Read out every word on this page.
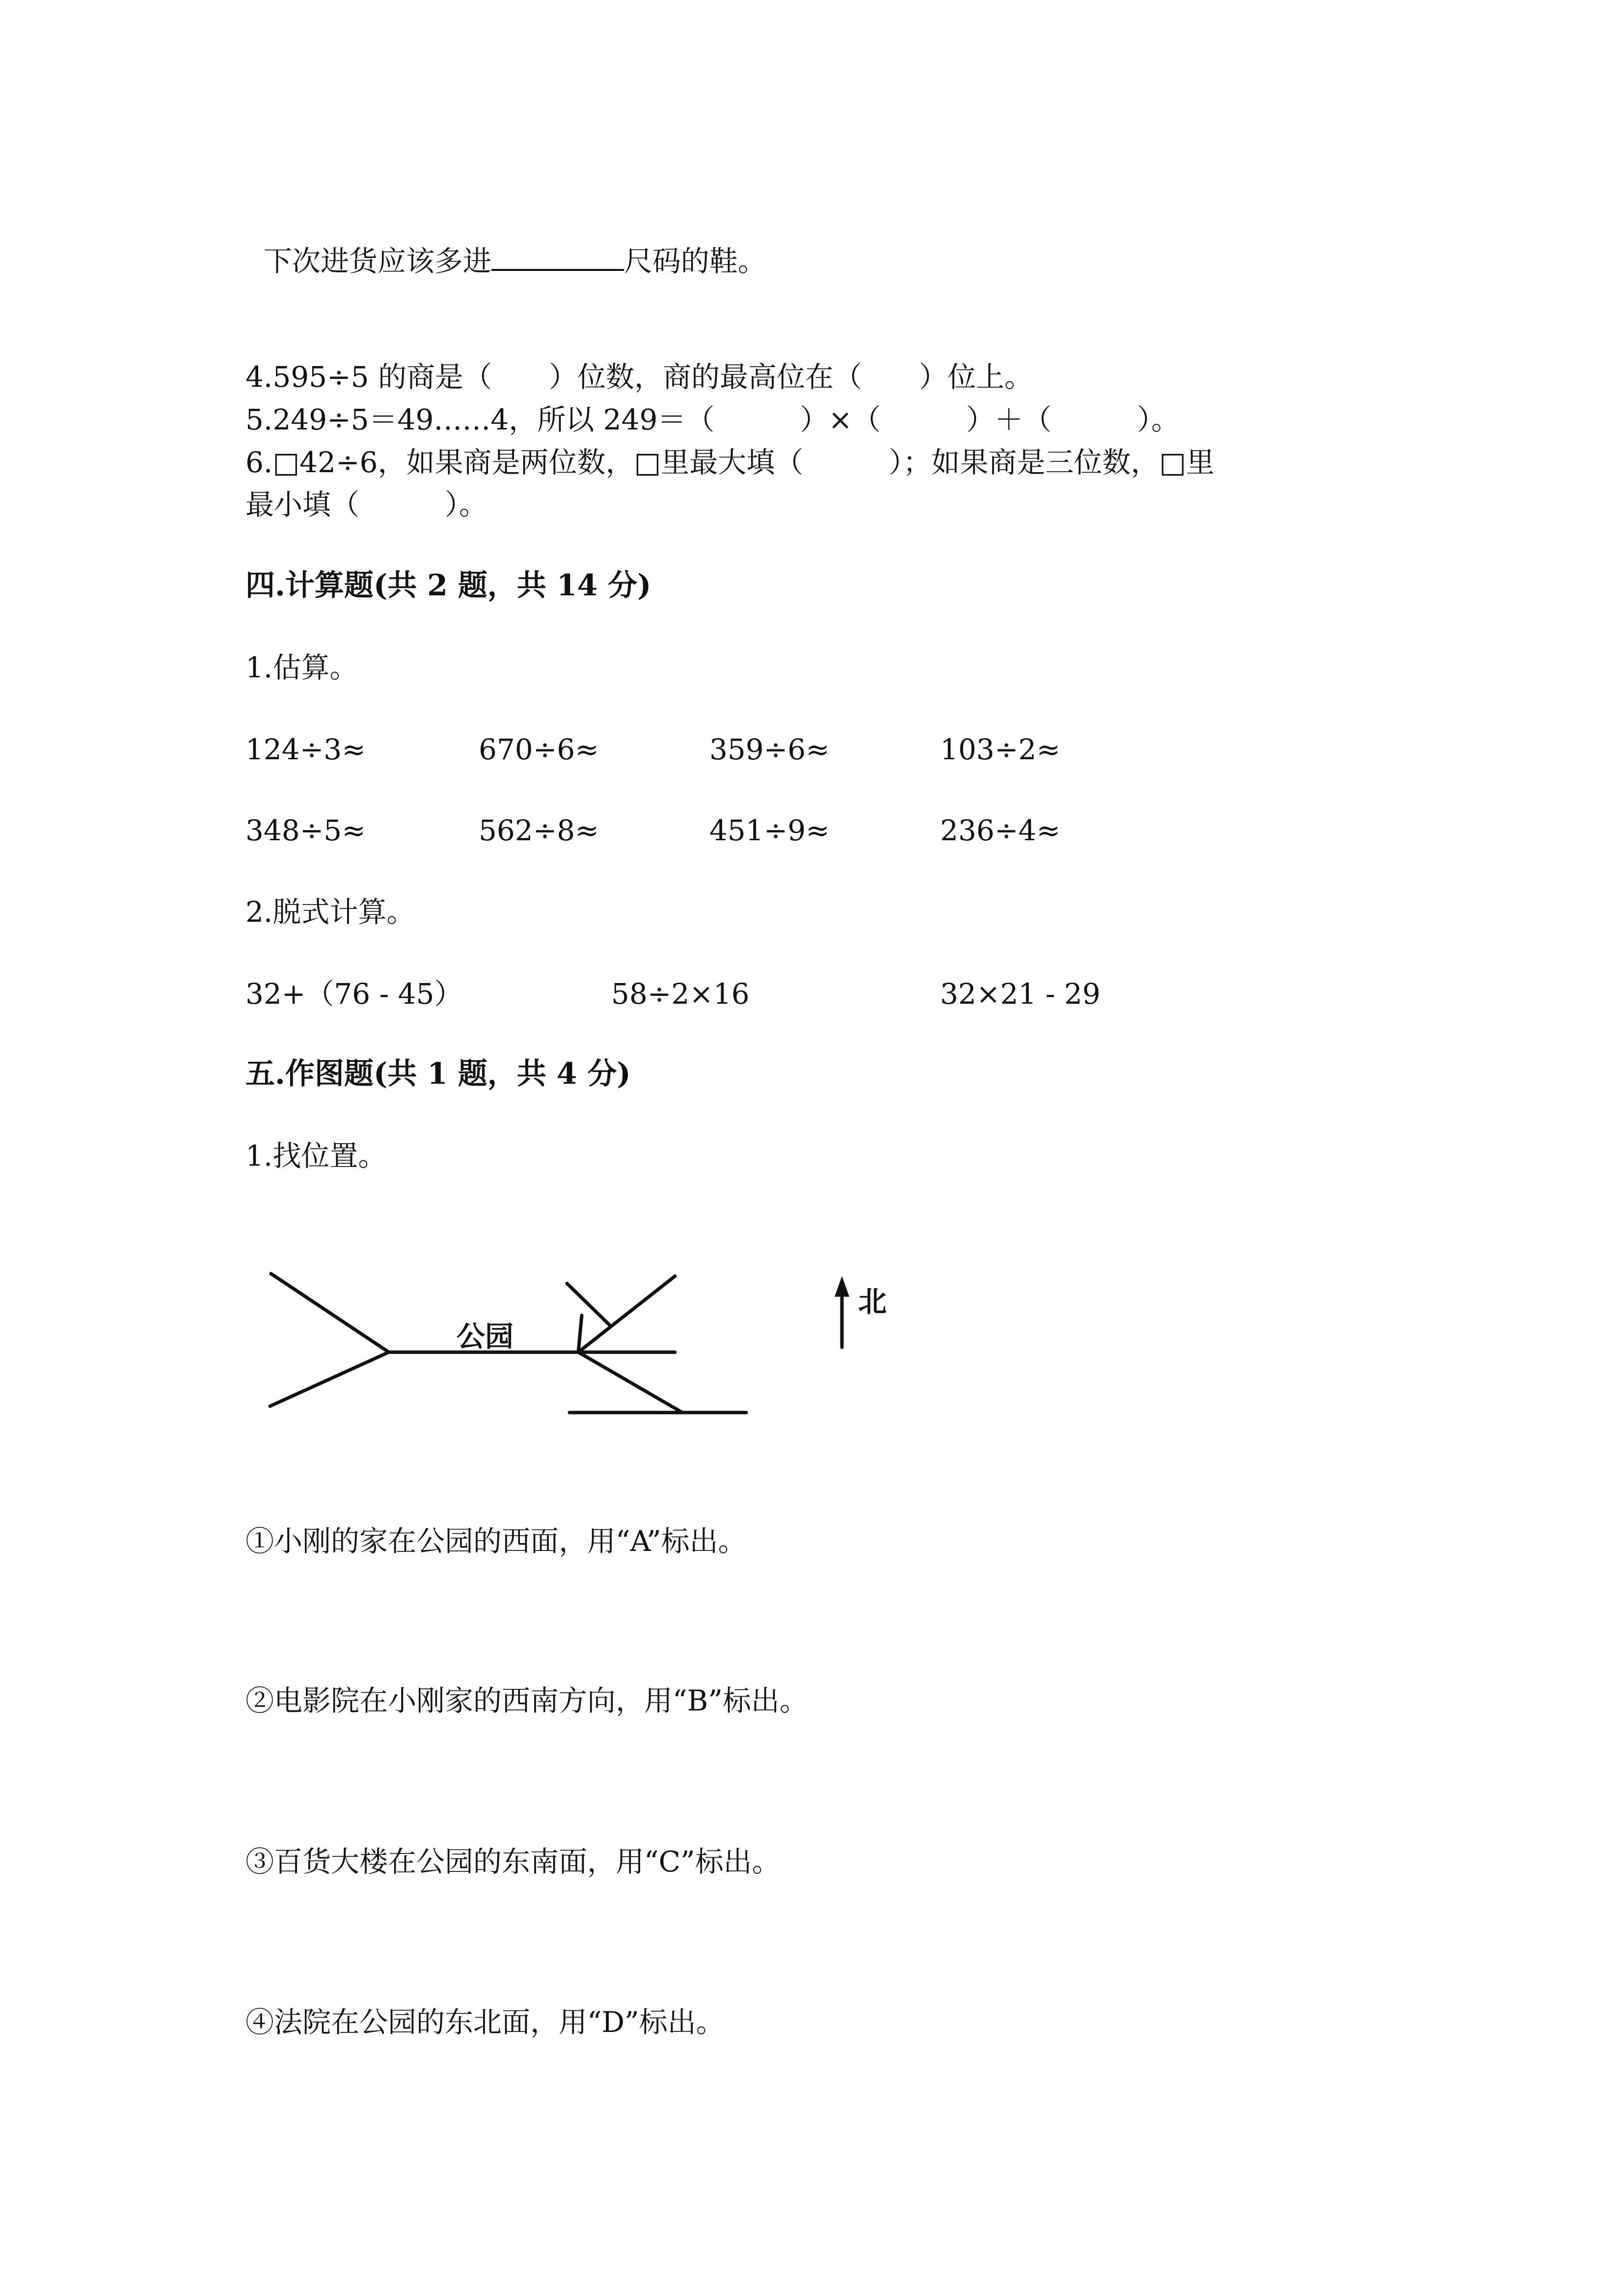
下次进货应该多进	尺码的鞋。

4.595÷5 的商是（　　）位数，商的最高位在（　　）位上。
5.249÷5＝49……4，所以 249＝（　　　）×（　　　）＋（　　　）。
6.□42÷6，如果商是两位数，□里最大填（　　　）；如果商是三位数，□里
最小填（　　　）。
四.计算题(共 2 题，共 14 分)
1.估算。
124÷3≈	670÷6≈	359÷6≈	103÷2≈
348÷5≈	562÷8≈	451÷9≈	236÷4≈
2.脱式计算。
32+（76 - 45）	58÷2×16	32×21 - 29
五.作图题(共 1 题，共 4 分)
1.找位置。
公园
北
①小刚的家在公园的西面，用“A”标出。
②电影院在小刚家的西南方向，用“B”标出。
③百货大楼在公园的东南面，用“C”标出。
④法院在公园的东北面，用“D”标出。
